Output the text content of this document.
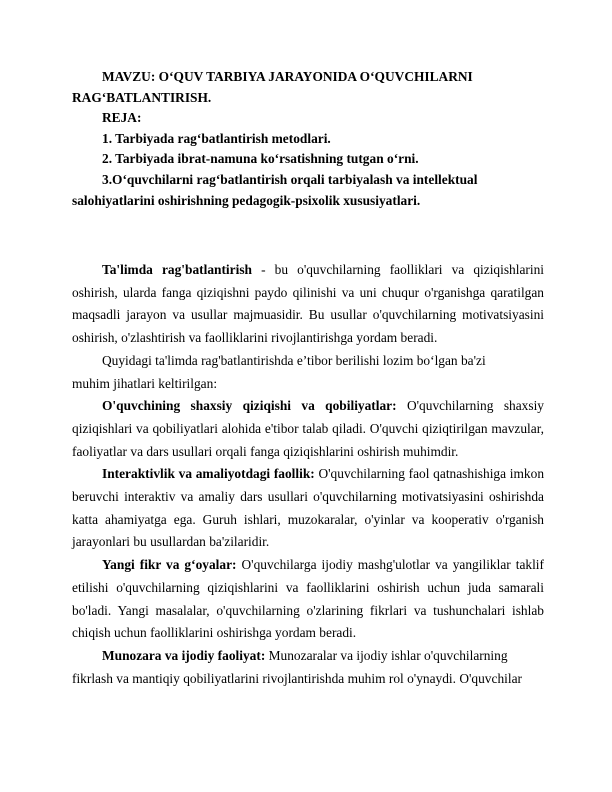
MAVZU: O‘QUV TARBIYA JARAYONIDA O‘QUVCHILARNI
RAG‘BATLANTIRISH.
REJA:
1. Tarbiyada rag‘batlantirish metodlari.
2. Tarbiyada ibrat-namuna ko‘rsatishning tutgan o‘rni.
3.O‘quvchilarni rag‘batlantirish orqali tarbiyalash va intellektual
salohiyatlarini oshirishning pedagogik-psixolik xususiyatlari.

Ta'limda rag'batlantirish - bu o'quvchilarning faolliklari va qiziqishlarini oshirish, ularda fanga qiziqishni paydo qilinishi va uni chuqur o'rganishga qaratilgan maqsadli jarayon va usullar majmuasidir. Bu usullar o'quvchilarning motivatsiyasini oshirish, o'zlashtirish va faolliklarini rivojlantirishga yordam beradi.

Quyidagi ta'limda rag'batlantirishda e’tibor berilishi lozim bo‘lgan ba'zi

muhim jihatlari keltirilgan:

O'quvchining shaxsiy qiziqishi va qobiliyatlar: O'quvchilarning shaxsiy qiziqishlari va qobiliyatlari alohida e'tibor talab qiladi. O'quvchi qiziqtirilgan mavzular, faoliyatlar va dars usullari orqali fanga qiziqishlarini oshirish muhimdir.

Interaktivlik va amaliyotdagi faollik: O'quvchilarning faol qatnashishiga imkon beruvchi interaktiv va amaliy dars usullari o'quvchilarning motivatsiyasini oshirishda katta ahamiyatga ega. Guruh ishlari, muzokaralar, o'yinlar va kooperativ o'rganish jarayonlari bu usullardan ba'zilaridir.

Yangi fikr va g‘oyalar: O'quvchilarga ijodiy mashg'ulotlar va yangiliklar taklif etilishi o'quvchilarning qiziqishlarini va faolliklarini oshirish uchun juda samarali bo'ladi. Yangi masalalar, o'quvchilarning o'zlarining fikrlari va tushunchalari ishlab chiqish uchun faolliklarini oshirishga yordam beradi.

Munozara va ijodiy faoliyat: Munozaralar va ijodiy ishlar o'quvchilarning

fikrlash va mantiqiy qobiliyatlarini rivojlantirishda muhim rol o'ynaydi. O'quvchilar
